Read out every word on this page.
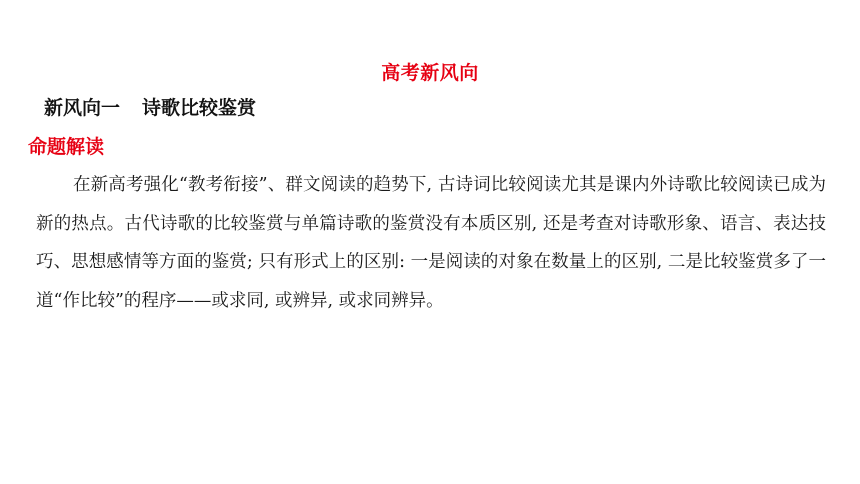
高考新风向
新风向一 诗歌比较鉴赏
命题解读

在新高考强化“教考衔接”、群文阅读的趋势下, 古诗词比较阅读尤其是课内外诗歌比较阅读已成为新的热点。古代诗歌的比较鉴赏与单篇诗歌的鉴赏没有本质区别, 还是考查对诗歌形象、语言、表达技巧、思想感情等方面的鉴赏; 只有形式上的区别: 一是阅读的对象在数量上的区别, 二是比较鉴赏多了一道“作比较”的程序——或求同, 或辨异, 或求同辨异。
